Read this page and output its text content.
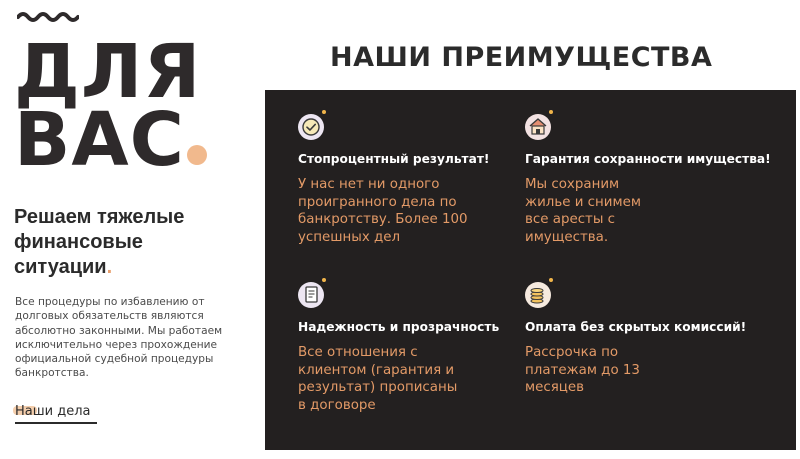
ДЛЯ
ВАС
Решаем тяжелые финансовые ситуации.

Все процедуры по избавлению от долговых обязательств являются абсолютно законными. Мы работаем исключительно через прохождение официальной судебной процедуры банкротства.

Наши дела
НАШИ ПРЕИМУЩЕСТВА

Стопроцентный результат!

У нас нет ни одного проигранного дела по банкротству. Более 100 успешных дел

Гарантия сохранности имущества!

Мы сохраним жилье и снимем все аресты с имущества.

Надежность и прозрачность

Все отношения с клиентом (гарантия и результат) прописаны в договоре

Оплата без скрытых комиссий!

Рассрочка по платежам до 13 месяцев
